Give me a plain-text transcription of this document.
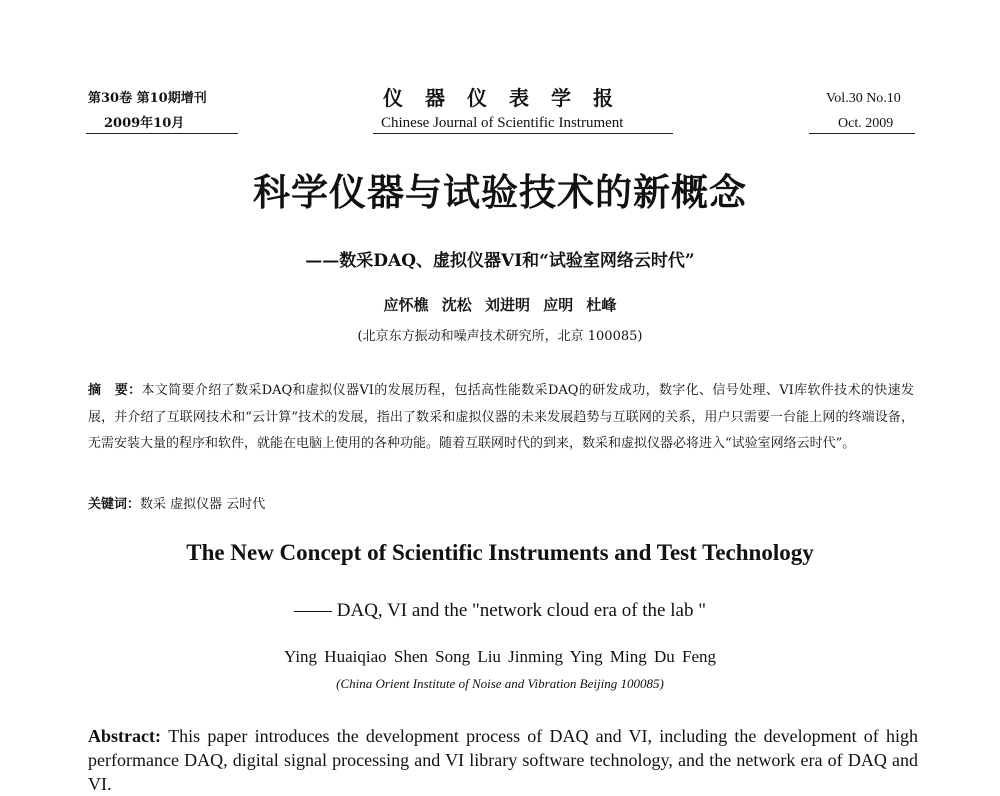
第30卷 第10期增刊
2009年10月
仪器仪表学报
Chinese Journal of Scientific Instrument
Vol.30 No.10
Oct. 2009
科学仪器与试验技术的新概念
——数采DAQ、虚拟仪器VI和“试验室网络云时代”
应怀樵 沈松 刘进明 应明 杜峰
(北京东方振动和噪声技术研究所，北京 100085)
摘　要：本文简要介绍了数采DAQ和虚拟仪器VI的发展历程，包括高性能数采DAQ的研发成功，数字化、信号处理、VI库软件技术的快速发展，并介绍了互联网技术和“云计算”技术的发展，指出了数采和虚拟仪器的未来发展趋势与互联网的关系，用户只需要一台能上网的终端设备，无需安装大量的程序和软件，就能在电脑上使用的各种功能。随着互联网时代的到来，数采和虚拟仪器必将进入“试验室网络云时代”。
关键词：数采 虚拟仪器 云时代
The New Concept of Scientific Instruments and Test Technology
—— DAQ, VI and the "network cloud era of the lab "
Ying Huaiqiao Shen Song Liu Jinming Ying Ming Du Feng
(China Orient Institute of Noise and Vibration Beijing 100085)
Abstract: This paper introduces the development process of DAQ and VI, including the development of high performance DAQ, digital signal processing and VI library software technology, and the network era of DAQ and VI.
